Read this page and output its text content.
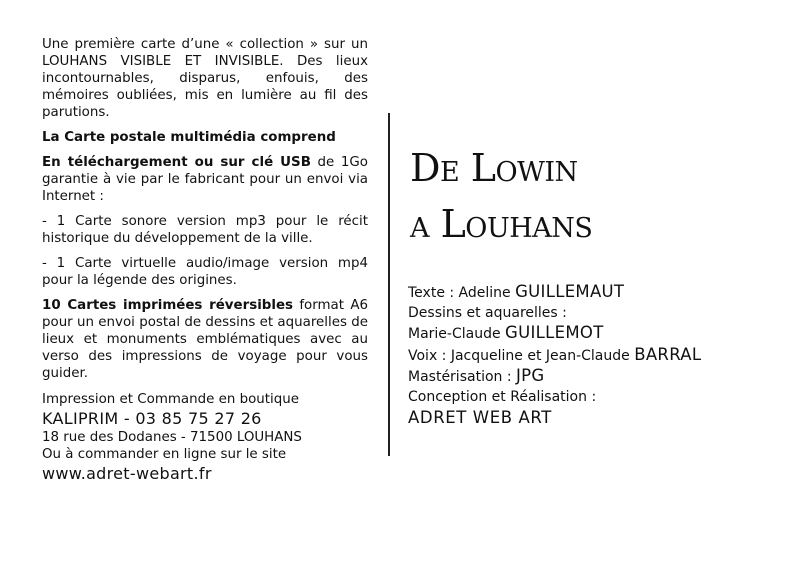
Une première carte d’une « collection » sur un LOUHANS VISIBLE ET INVISIBLE. Des lieux incontournables, disparus, enfouis, des mémoires oubliées, mis en lumière au fil des parutions.

La Carte postale multimédia comprend

En téléchargement ou sur clé USB de 1Go garantie à vie par le fabricant pour un envoi via Internet :

- 1 Carte sonore version mp3 pour le récit historique du développement de la ville.

- 1 Carte virtuelle audio/image version mp4 pour la légende des origines.

10 Cartes imprimées réversibles format A6 pour un envoi postal de dessins et aquarelles de lieux et monuments emblématiques avec au verso des impressions de voyage pour vous guider.

Impression et Commande en boutique

KALIPRIM - 03 85 75 27 26

18 rue des Dodanes - 71500 LOUHANS

Ou à commander en ligne sur le site

www.adret-webart.fr

De Lowin
a Louhans

Texte : Adeline GUILLEMAUT

Dessins et aquarelles :

Marie-Claude GUILLEMOT

Voix : Jacqueline et Jean-Claude BARRAL

Mastérisation : JPG

Conception et Réalisation :

ADRET WEB ART
